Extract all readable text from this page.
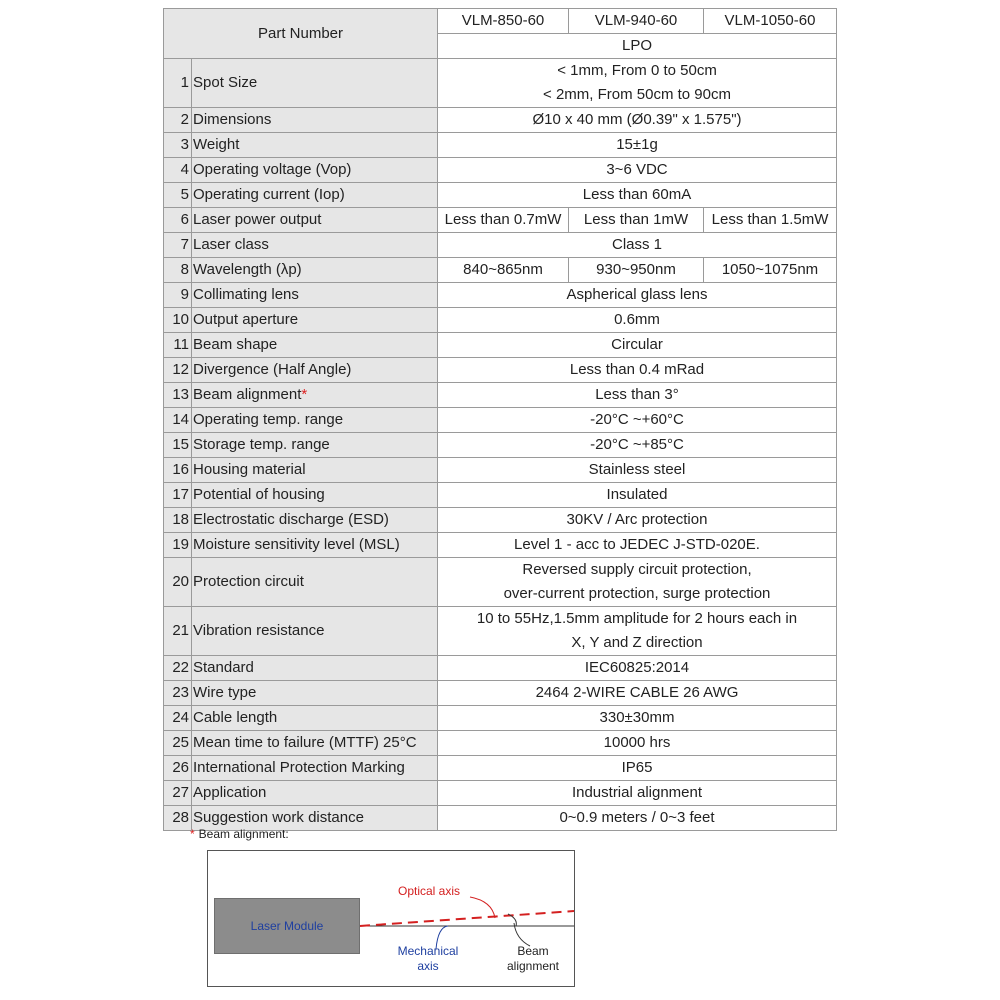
Part Number		VLM-850-60	VLM-940-60	VLM-1050-60
		LPO		
1	Spot Size	< 1mm, From 0 to 50cm
< 2mm, From 50cm to 90cm		

2	Dimensions	Ø10 x 40 mm (Ø0.39" x 1.575")		

3	Weight	15±1g		

4	Operating voltage (Vop)	3~6 VDC		

5	Operating current (Iop)	Less than 60mA		

6	Laser power output	Less than 0.7mW	Less than 1mW	Less than 1.5mW
7	Laser class	Class 1		

8	Wavelength (λp)	840~865nm	930~950nm	1050~1075nm
9	Collimating lens	Aspherical glass lens		

10	Output aperture	0.6mm		

11	Beam shape	Circular		

12	Divergence (Half Angle)	Less than 0.4 mRad		

13	Beam alignment*	Less than 3°		

14	Operating temp. range	-20°C ~+60°C		

15	Storage temp. range	-20°C ~+85°C		

16	Housing material	Stainless steel		

17	Potential of housing	Insulated		

18	Electrostatic discharge (ESD)	30KV / Arc protection		

19	Moisture sensitivity level (MSL)	Level 1 - acc to JEDEC J-STD-020E.		

20	Protection circuit	Reversed supply circuit protection,
over-current protection, surge protection		

21	Vibration resistance	10 to 55Hz,1.5mm amplitude for 2 hours each in
X, Y and Z direction		

22	Standard	IEC60825:2014		

23	Wire type	2464 2-WIRE CABLE 26 AWG		

24	Cable length	330±30mm		

25	Mean time to failure (MTTF) 25°C	10000 hrs		

26	International Protection Marking	IP65		

27	Application	Industrial alignment		

28	Suggestion work distance	0~0.9 meters / 0~3 feet		
* Beam alignment:
Laser Module
Optical axis
Mechanical
axis
Beam
alignment
